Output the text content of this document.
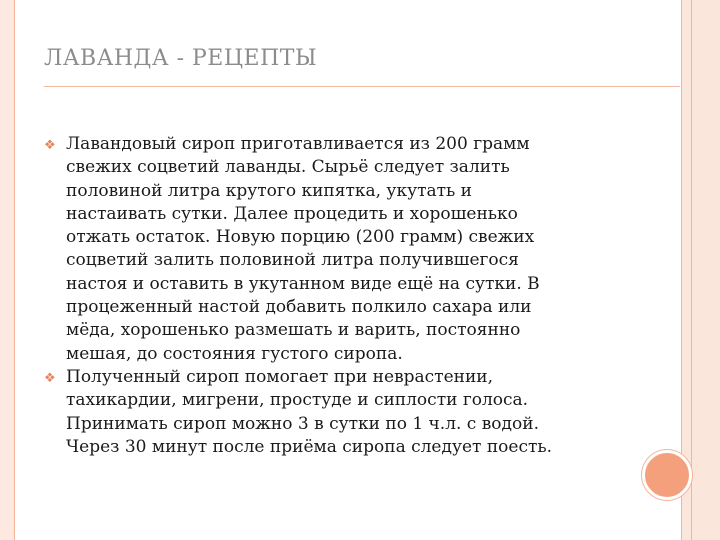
ЛАВАНДА - РЕЦЕПТЫ
❖ Лавандовый сироп приготавливается из 200 грамм
свежих соцветий лаванды. Сырьё следует залить
половиной литра крутого кипятка, укутать и
настаивать сутки. Далее процедить и хорошенько
отжать остаток. Новую порцию (200 грамм) свежих
соцветий залить половиной литра получившегося
настоя и оставить в укутанном виде ещё на сутки. В
процеженный настой добавить полкило сахара или
мёда, хорошенько размешать и варить, постоянно
мешая, до состояния густого сиропа.
❖ Полученный сироп помогает при неврастении,
тахикардии, мигрени, простуде и сиплости голоса.
Принимать сироп можно 3 в сутки по 1 ч.л. с водой.
Через 30 минут после приёма сиропа следует поесть.
